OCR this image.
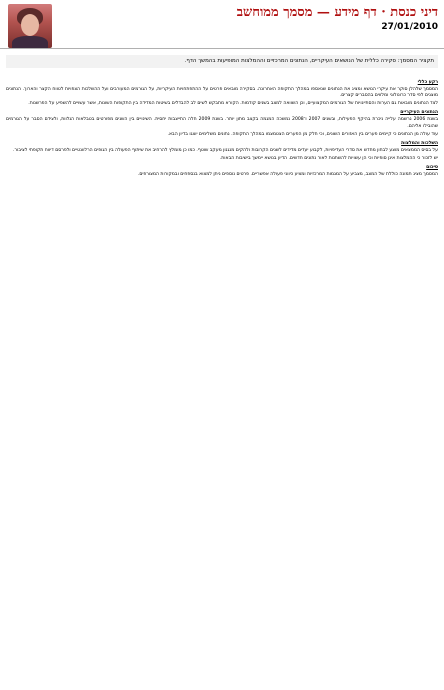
דיני כנסת · דף מידע — מסמך ממוחשב
27/01/2010
תקציר המסמך: סקירה כללית של הנושאים העיקריים, הנתונים המרכזיים וההמלצות המופיעות בהמשך הדף.
רקע כללי
המסמך שלהלן סוקר את עיקרי הנושא ומציג את הנתונים שנאספו במהלך התקופה האחרונה. בסקירה מובאים פרטים על ההתפתחויות העיקריות, על הגורמים המעורבים ועל ההשלכות הצפויות לטווח הקצר והארוך. הנתונים מוצגים לפי סדר כרונולוגי ומלווים בהסברים קצרים.
לצד הנתונים מובאות גם הערות והסתייגויות של הגורמים המקצועיים, וכן השוואה למצב בשנים קודמות. הקורא מתבקש לשים לב להבדלים בשיטות המדידה בין התקופות השונות, אשר עשויים להשפיע על הפרשנות.
הנתונים העיקריים
בשנת 2006 נרשמה עלייה ניכרת בהיקף הפעילות, ובשנים 2007 ו־2008 נמשכה המגמה בקצב מתון יותר. בשנת 2009 חלה התייצבות יחסית. השינויים בין השנים מפורטים בטבלאות הנלוות, ולצידם הסבר על הגורמים שהובילו אליהם.
עוד עולה מן הנתונים כי קיימים פערים בין האזורים השונים, וכי חלק מן הפערים הצטמצמו במהלך התקופה. נתונים משלימים יוצגו בדיון הבא.
השלכות והמלצות
על בסיס הממצאים מוצע לבחון מחדש את סדרי העדיפויות, לקבוע יעדים מדידים לשנים הקרובות ולהקים מנגנון מעקב שוטף. כמו כן מומלץ להרחיב את שיתוף הפעולה בין הגופים הרלוונטיים ולפרסם דיווח תקופתי לציבור.
יש לזכור כי ההמלצות אינן סופיות וכי הן עשויות להשתנות לאור נתונים חדשים. הדיון בנושא יימשך בישיבות הבאות.
סיכום
המסמך מציג תמונה כוללת של המצב, מצביע על המגמות המרכזיות ומציע כיווני פעולה אפשריים. פרטים נוספים ניתן למצוא בנספחים ובמקורות המצורפים.
